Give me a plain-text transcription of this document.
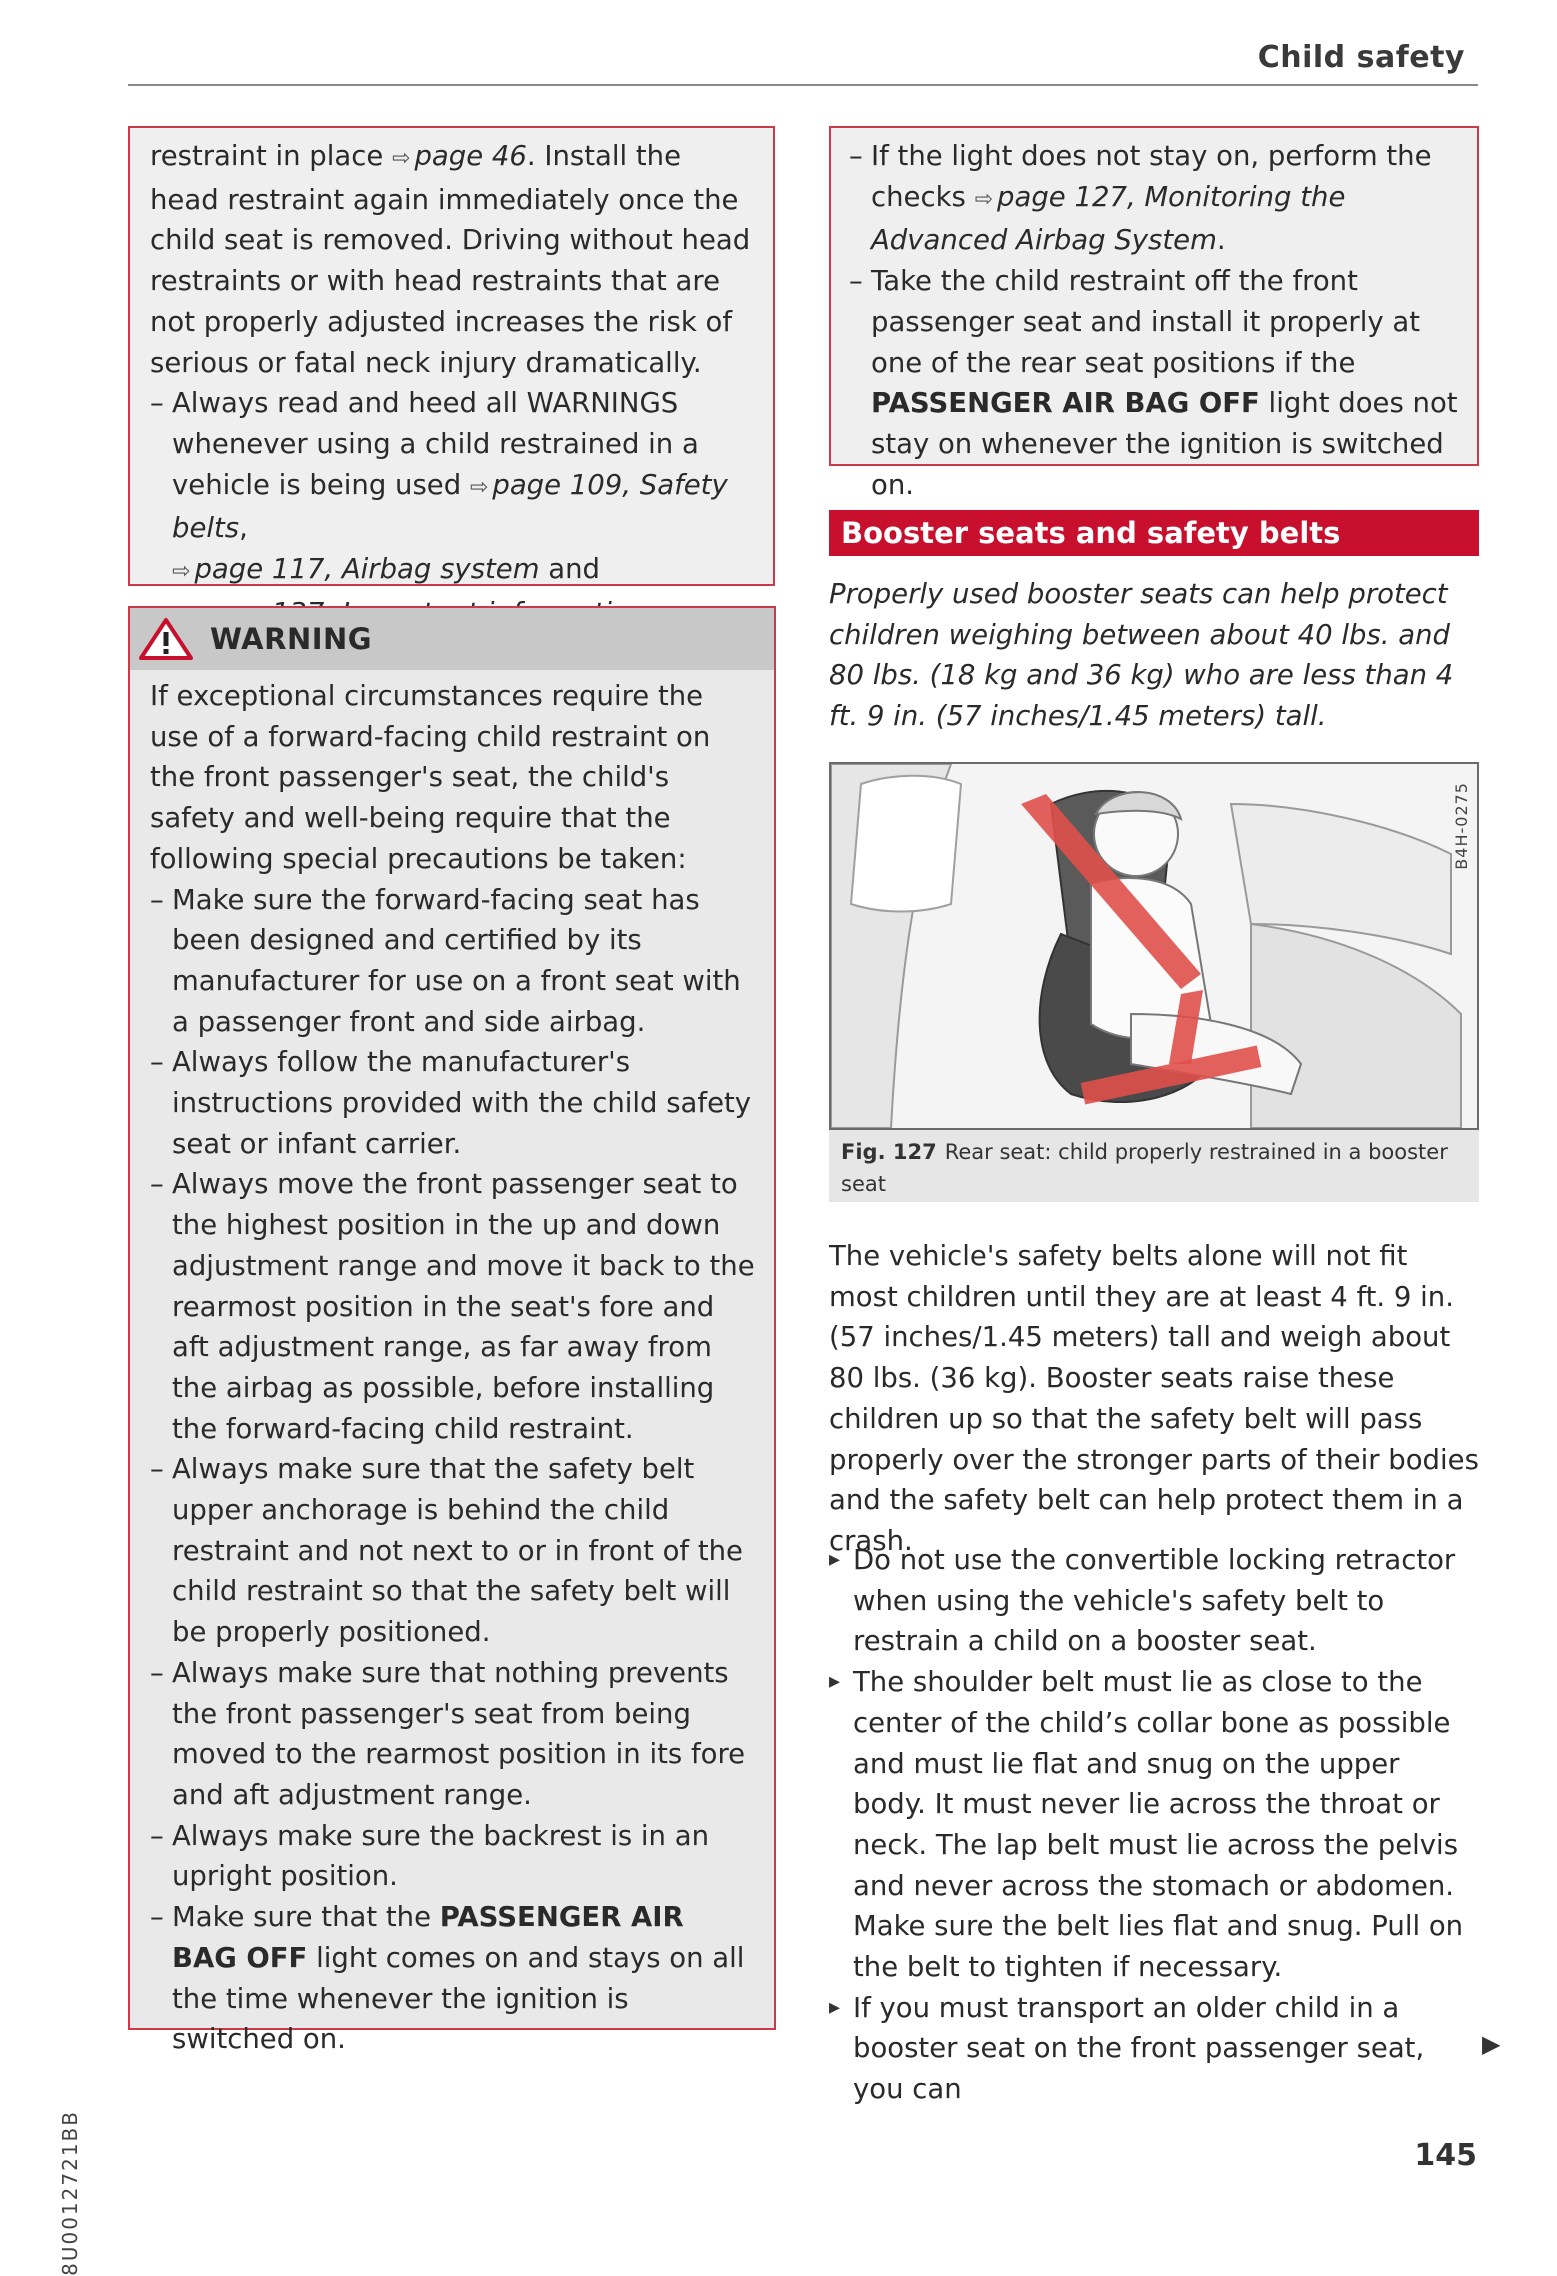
Child safety

restraint in place ⇨ page 46. Install the head restraint again immediately once the child seat is removed. Driving without head restraints or with head restraints that are not properly adjusted increases the risk of serious or fatal neck injury dramatically.

– Always read and heed all WARNINGS whenever using a child restrained in a vehicle is being used ⇨ page 109, Safety belts,
⇨ page 117, Airbag system and

WARNING

If exceptional circumstances require the use of a forward-facing child restraint on the front passenger's seat, the child's safety and well-being require that the following special precautions be taken:

– Make sure the forward-facing seat has been designed and certified by its manufacturer for use on a front seat with a passenger front and side airbag.

– Always follow the manufacturer's instructions provided with the child safety seat or infant carrier.

– Always move the front passenger seat to the highest position in the up and down adjustment range and move it back to the rearmost position in the seat's fore and aft adjustment range, as far away from the airbag as possible, before installing the forward-facing child restraint.

– Always make sure that the safety belt upper anchorage is behind the child restraint and not next to or in front of the child restraint so that the safety belt will be properly positioned.

– Always make sure that nothing prevents the front passenger's seat from being moved to the rearmost position in its fore and aft adjustment range.

– Always make sure the backrest is in an upright position.

– Make sure that the PASSENGER AIR BAG OFF light comes on and stays on all the time whenever the ignition is switched on.

– If the light does not stay on, perform the checks ⇨ page 127, Monitoring the Advanced Airbag System.

– Take the child restraint off the front passenger seat and install it properly at one of the rear seat positions if the PASSENGER AIR BAG OFF light does not stay on whenever the ignition is switched on.

Booster seats and safety belts

Properly used booster seats can help protect children weighing between about 40 lbs. and 80 lbs. (18 kg and 36 kg) who are less than 4 ft. 9 in. (57 inches/1.45 meters) tall.

B4H-0275
Fig. 127 Rear seat: child properly restrained in a booster seat

The vehicle's safety belts alone will not fit most children until they are at least 4 ft. 9 in. (57 inches/1.45 meters) tall and weigh about 80 lbs. (36 kg). Booster seats raise these children up so that the safety belt will pass properly over the stronger parts of their bodies and the safety belt can help protect them in a crash.

▸ Do not use the convertible locking retractor when using the vehicle's safety belt to restrain a child on a booster seat.

▸ The shoulder belt must lie as close to the center of the child’s collar bone as possible and must lie flat and snug on the upper body. It must never lie across the throat or neck. The lap belt must lie across the pelvis and never across the stomach or abdomen. Make sure the belt lies flat and snug. Pull on the belt to tighten if necessary.

▸ If you must transport an older child in a booster seat on the front passenger seat, you can

▶
8U0012721BB	145
